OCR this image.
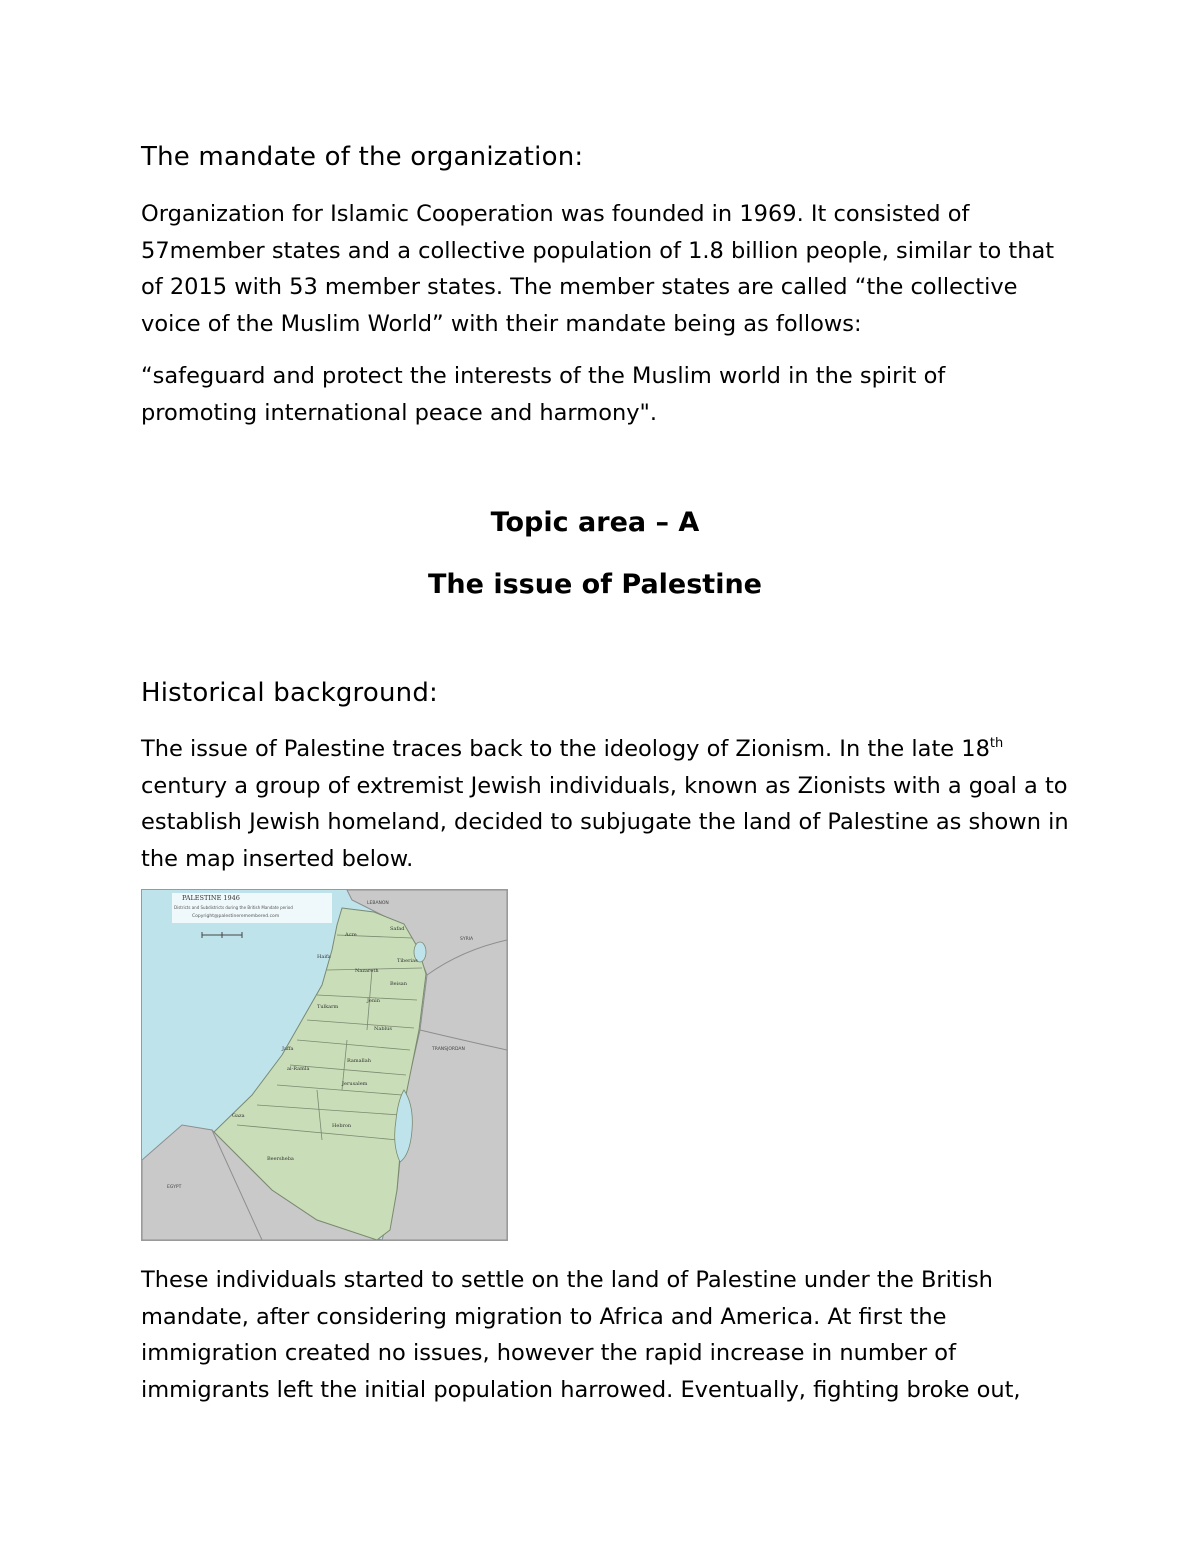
The mandate of the organization:
Organization for Islamic Cooperation was founded in 1969. It consisted of
57member states and a collective population of 1.8 billion people, similar to that
of 2015 with 53 member states. The member states are called “the collective
voice of the Muslim World” with their mandate being as follows:
“safeguard and protect the interests of the Muslim world in the spirit of
promoting international peace and harmony".
Topic area – A
The issue of Palestine
Historical background:
The issue of Palestine traces back to the ideology of Zionism. In the late 18th
century a group of extremist Jewish individuals, known as Zionists with a goal a to
establish Jewish homeland, decided to subjugate the land of Palestine as shown in
the map inserted below.
These individuals started to settle on the land of Palestine under the British
mandate, after considering migration to Africa and America. At first the
immigration created no issues, however the rapid increase in number of
immigrants left the initial population harrowed. Eventually, fighting broke out,
PALESTINE 1946
Districts and Subdistricts during the British Mandate period
Copyright@palestineremembered.com
LEBANON
SYRIA
TRANSJORDAN
EGYPT
Acre
Safad
Tiberias
Haifa
Nazareth
Jenin
Beisan
Tulkarm
Nablus
Jaffa
Ramallah
al-Ramla
Jerusalem
Gaza
Hebron
Beersheba
